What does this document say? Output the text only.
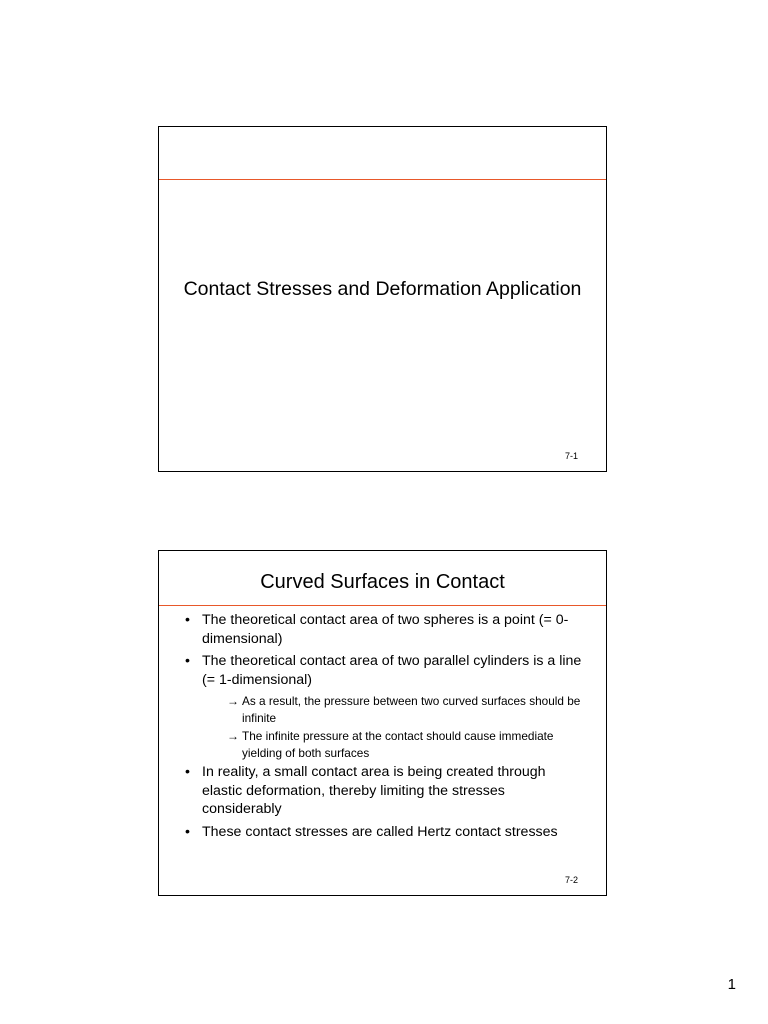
Contact Stresses and Deformation Application
7-1
Curved Surfaces in Contact
• The theoretical contact area of two spheres is a point (= 0-dimensional)
• The theoretical contact area of two parallel cylinders is a line (= 1-dimensional)
→ As a result, the pressure between two curved surfaces should be infinite
→ The infinite pressure at the contact should cause immediate yielding of both surfaces
• In reality, a small contact area is being created through elastic deformation, thereby limiting the stresses considerably
• These contact stresses are called Hertz contact stresses
7-2
1
